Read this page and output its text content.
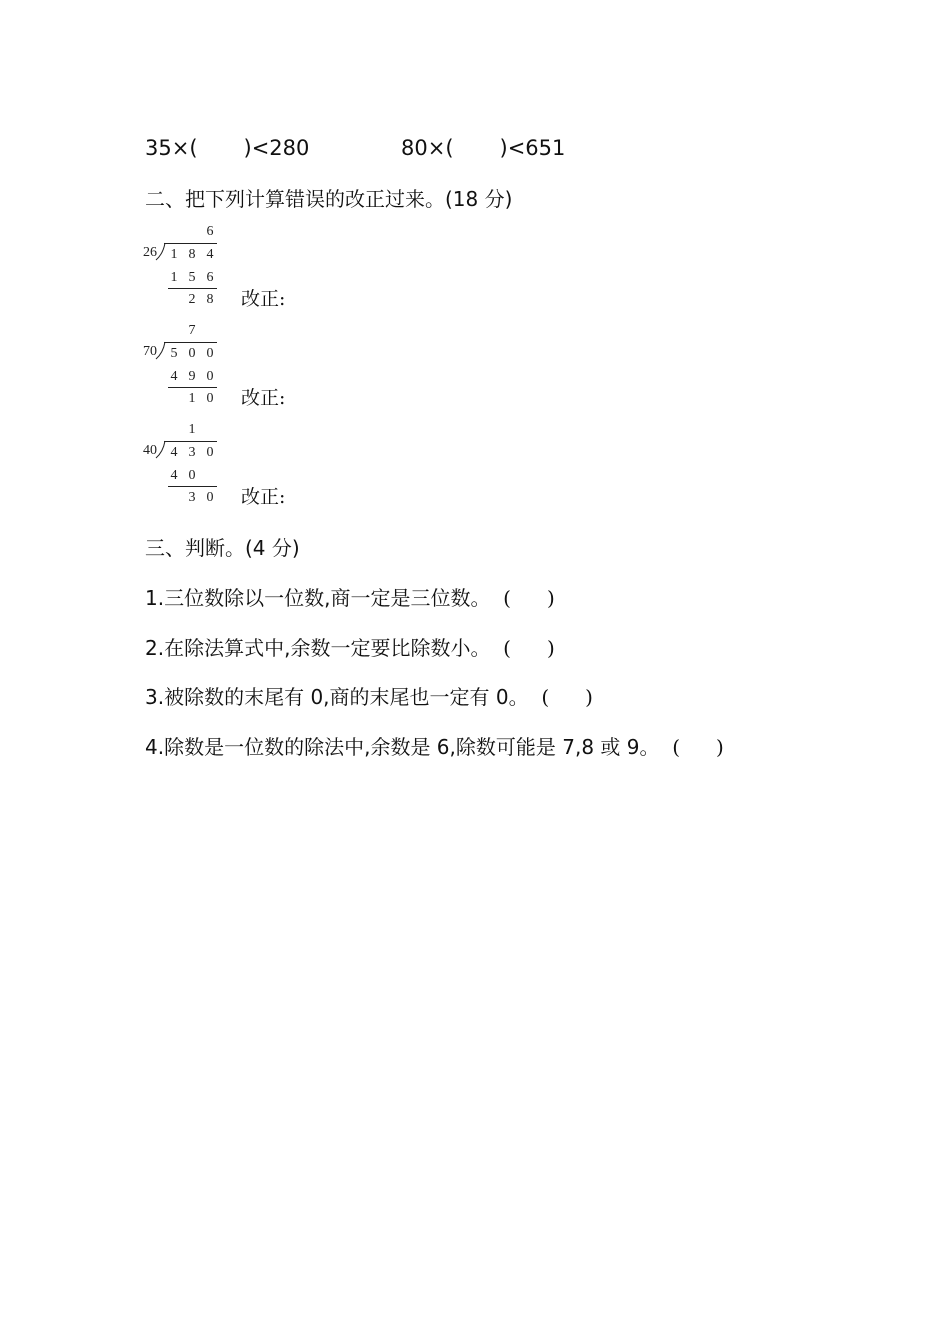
35×( )<280	80×( )<651
二、把下列计算错误的改正过来。(18 分)
6
26 1 8 4
1 5 6
2 8 改正:
7
70 5 0 0
4 9 0
1 0 改正:
1
40 4 3 0
4 0
3 0 改正:
三、判断。(4 分)
1.三位数除以一位数,商一定是三位数。 ( )
2.在除法算式中,余数一定要比除数小。 ( )
3.被除数的末尾有 0,商的末尾也一定有 0。 ( )
4.除数是一位数的除法中,余数是 6,除数可能是 7,8 或 9。 ( )
